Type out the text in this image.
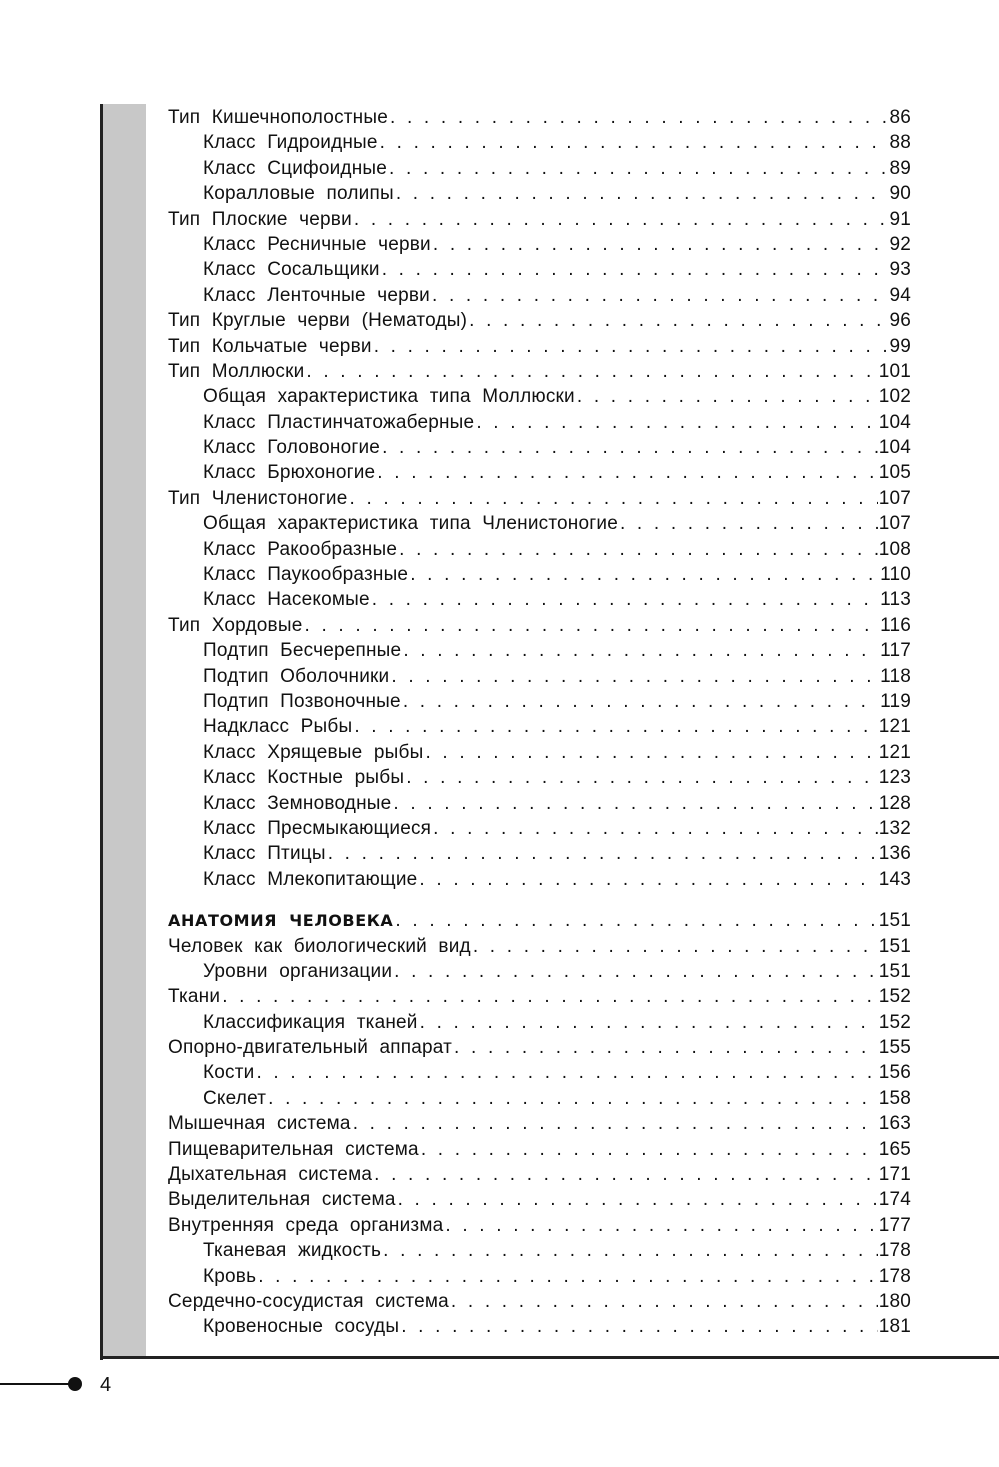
Тип Кишечнополостные . . .	86
Класс Гидроидные . . .	88
Класс Сцифоидные . . .	89
Коралловые полипы . . .	90
Тип Плоские черви . . .	91
Класс Ресничные черви . . .	92
Класс Сосальщики . . .	93
Класс Ленточные черви . . .	94
Тип Круглые черви (Нематоды) . . .	96
Тип Кольчатые черви . . .	99
Тип Моллюски . . .	101
Общая характеристика типа Моллюски . . .	102
Класс Пластинчатожаберные . . .	104
Класс Головоногие . . .	104
Класс Брюхоногие . . .	105
Тип Членистоногие . . .	107
Общая характеристика типа Членистоногие . . .	107
Класс Ракообразные . . .	108
Класс Паукообразные . . .	110
Класс Насекомые . . .	113
Тип Хордовые . . .	116
Подтип Бесчерепные . . .	117
Подтип Оболочники . . .	118
Подтип Позвоночные . . .	119
Надкласс Рыбы . . .	121
Класс Хрящевые рыбы . . .	121
Класс Костные рыбы . . .	123
Класс Земноводные . . .	128
Класс Пресмыкающиеся . . .	132
Класс Птицы . . .	136
Класс Млекопитающие . . .	143
АНАТОМИЯ ЧЕЛОВЕКА . . .	151
Человек как биологический вид . . .	151
Уровни организации . . .	151
Ткани . . .	152
Классификация тканей . . .	152
Опорно-двигательный аппарат . . .	155
Кости . . .	156
Скелет . . .	158
Мышечная система . . .	163
Пищеварительная система . . .	165
Дыхательная система . . .	171
Выделительная система . . .	174
Внутренняя среда организма . . .	177
Тканевая жидкость . . .	178
Кровь . . .	178
Сердечно-сосудистая система . . .	180
Кровеносные сосуды . . .	181
4
